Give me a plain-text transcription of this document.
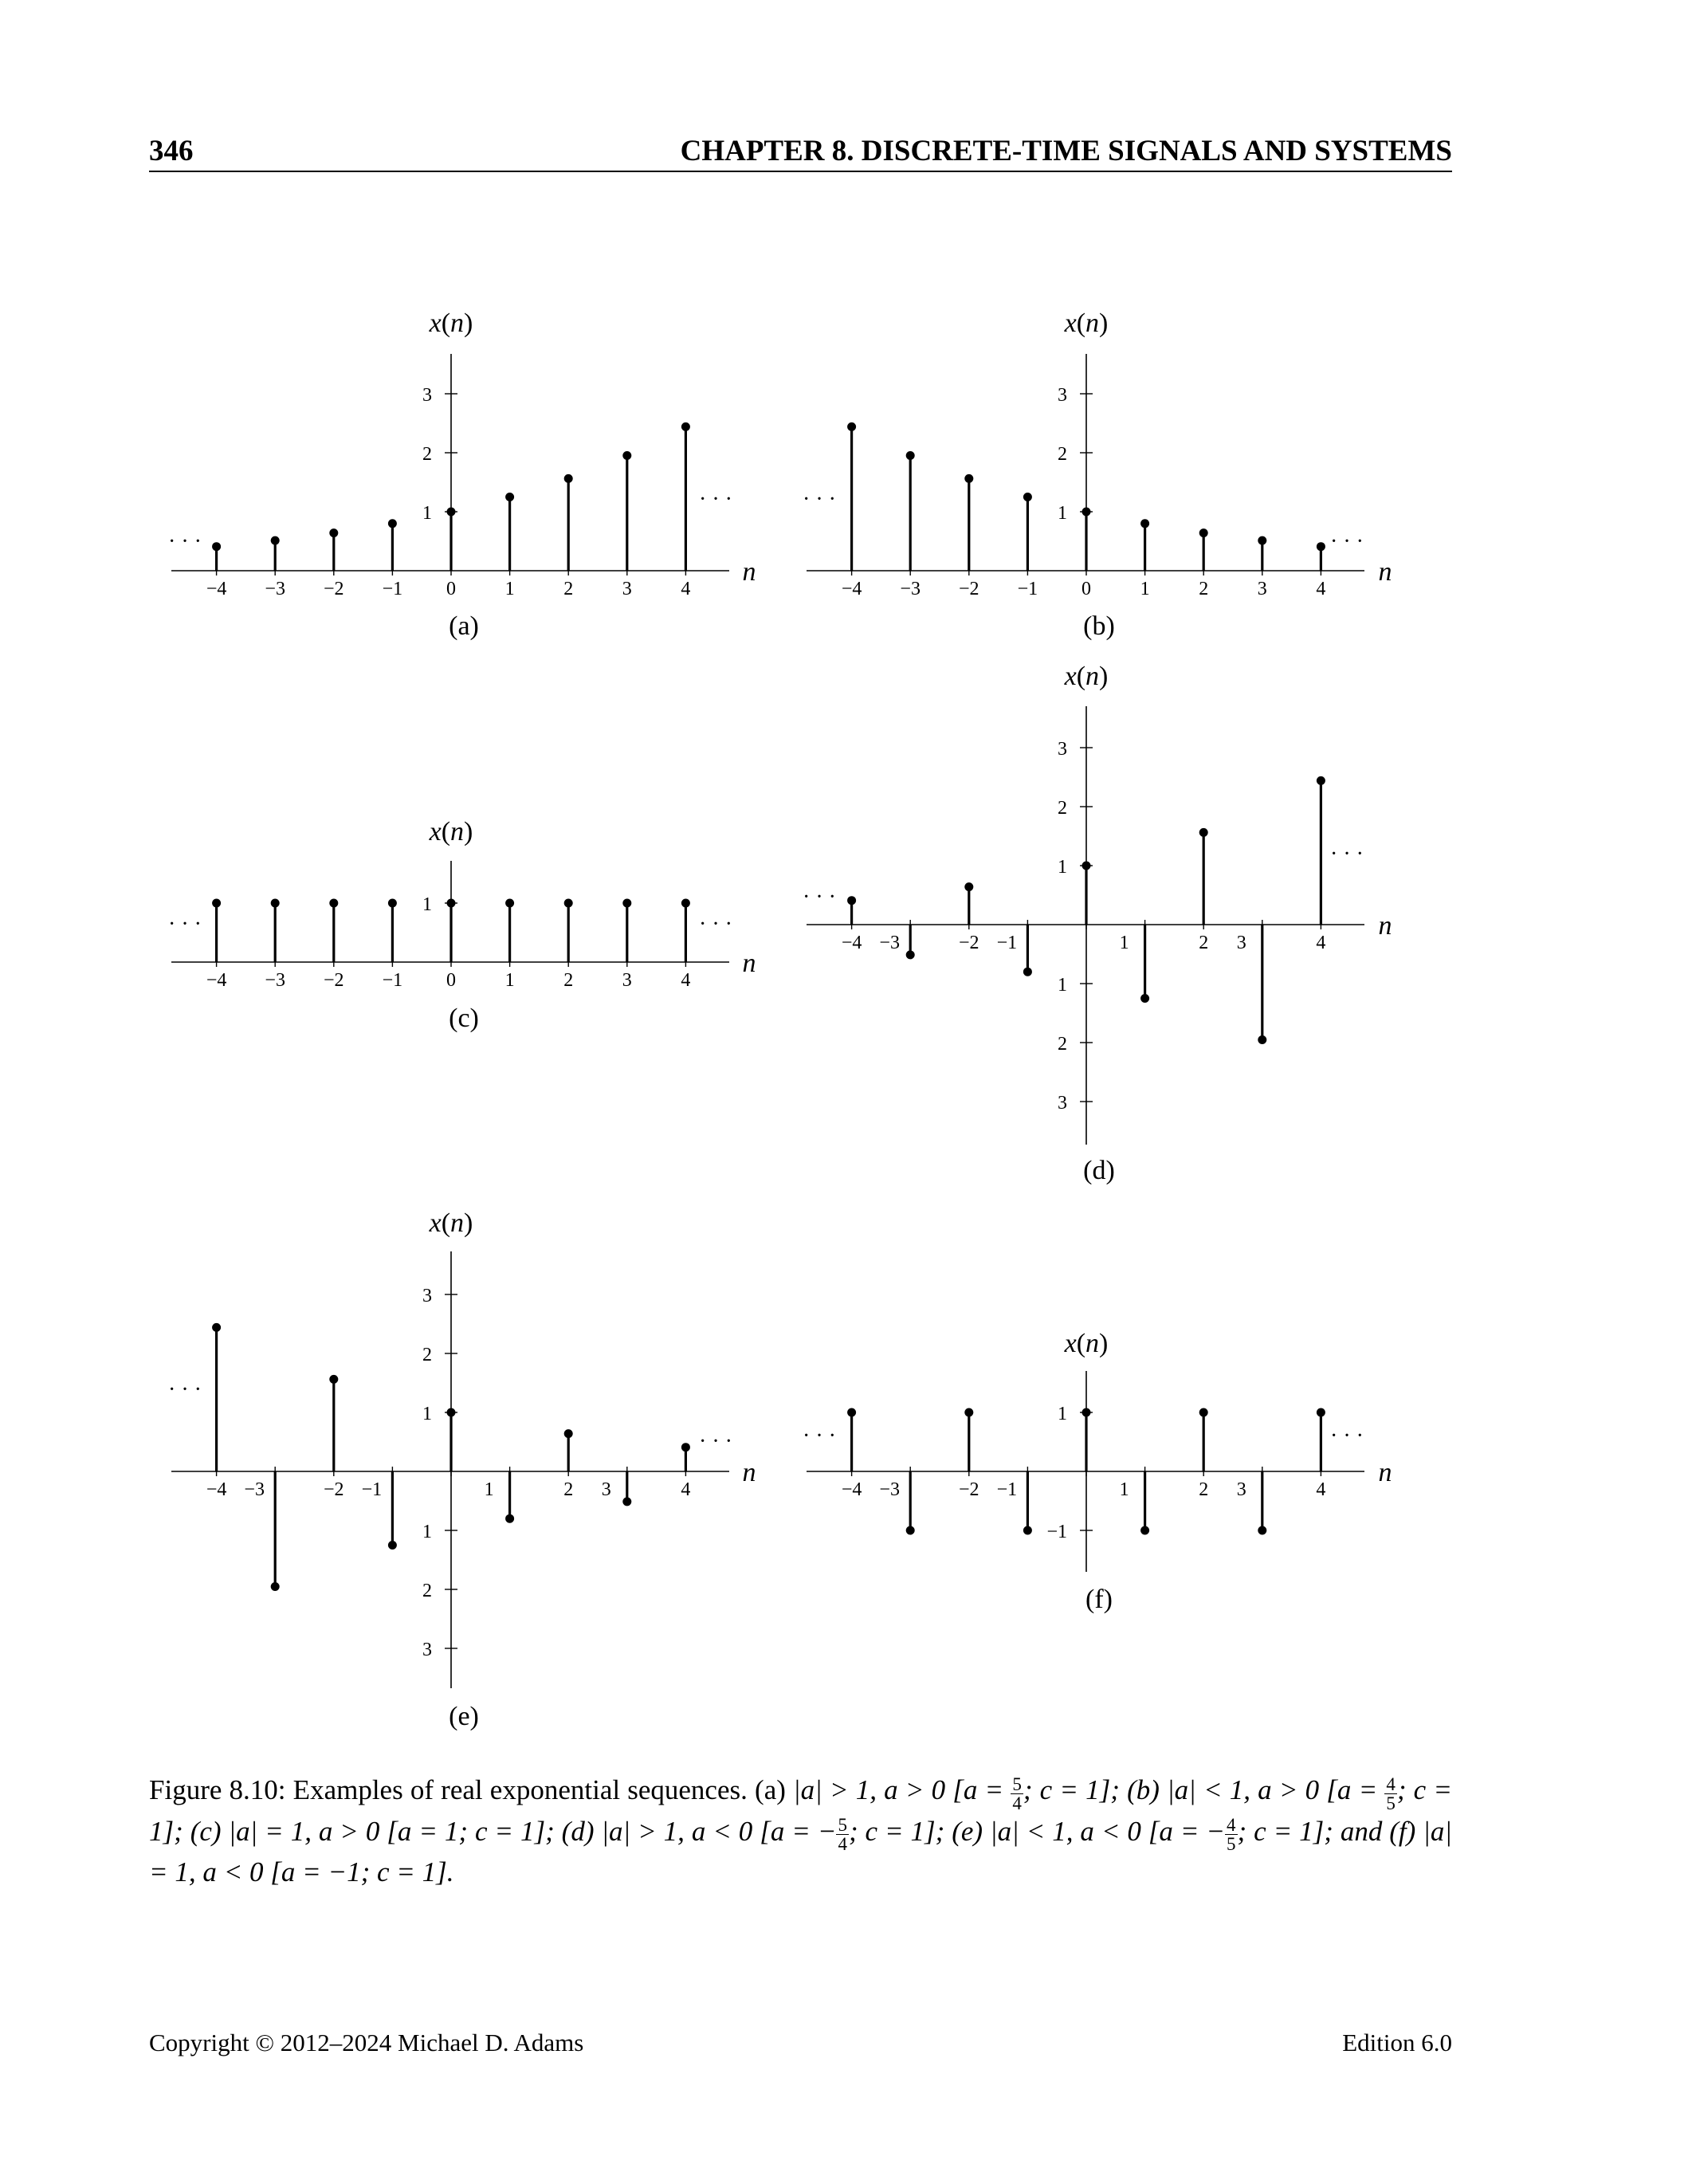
346	CHAPTER 8. DISCRETE-TIME SIGNALS AND SYSTEMS
1
2
3
−4 −3 −2 −1 0	1	2	3	4
x(n)
n
· · ·
· · ·
(a)
1
2
3
−4 −3 −2 −1 0	1	2	3	4
x(n)
n
· · ·
· · ·
(b)
1
−4 −3 −2 −1 0	1	2	3	4
x(n)
n
· · ·	· · ·
(c)
3
2
1
1
2
3
−4 −3	−2 −1	1	2 3	4
x(n)
n
· · ·
· · ·
(d)
3
2
1
1
2
3
−4 −3	−2 −1	1	2 3	4
x(n)
n
· · ·
· · ·
(e)
1
−1
−4 −3	−2 −1	1	2 3	4
x(n)
n
· · ·	· · ·
(f)
Figure 8.10: Examples of real exponential sequences. (a) |a| > 1, a > 0 [$a = \frac{5}{4}$ ; c = 1]; (b) |a| < 1, a > 0 [$a = \frac{4}{5}$ ; c = 1]; (c) |a| = 1, a > 0 [a = 1; c = 1]; (d) |a| > 1, a < 0 [a = − $\frac{5}{4}$ ; c = 1]; (e) |a| < 1, a < 0 [a = − $\frac{4}{5}$ ; c = 1]; and (f) |a| = 1, a < 0 [a = −1; c = 1].
Copyright © 2012–2024 Michael D. Adams	Edition 6.0
